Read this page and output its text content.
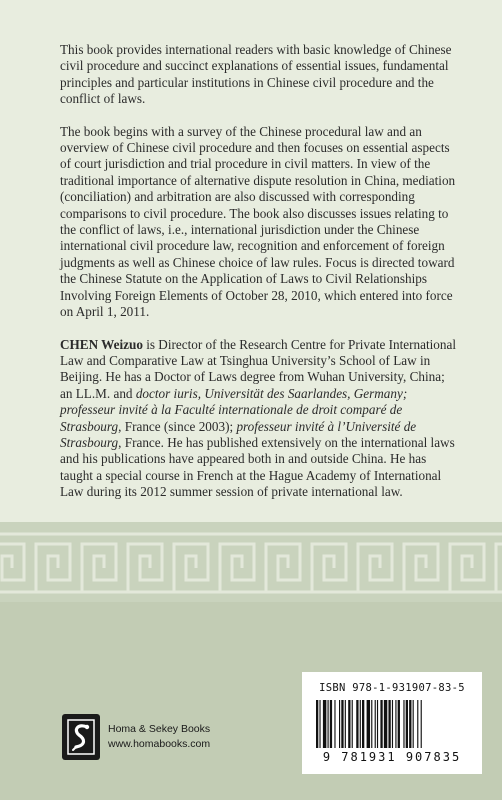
This book provides international readers with basic knowledge of Chinese civil procedure and succinct explanations of essential issues, fundamental principles and particular institutions in Chinese civil procedure and the conflict of laws.

The book begins with a survey of the Chinese procedural law and an overview of Chinese civil procedure and then focuses on essential aspects of court jurisdiction and trial procedure in civil matters. In view of the traditional importance of alternative dispute resolution in China, mediation (conciliation) and arbitration are also discussed with corresponding comparisons to civil procedure. The book also discusses issues relating to the conflict of laws, i.e., international jurisdiction under the Chinese international civil procedure law, recognition and enforcement of foreign judgments as well as Chinese choice of law rules. Focus is directed toward the Chinese Statute on the Application of Laws to Civil Relationships Involving Foreign Elements of October 28, 2010, which entered into force on April 1, 2011.

CHEN Weizuo is Director of the Research Centre for Private International Law and Comparative Law at Tsinghua University’s School of Law in Beijing. He has a Doctor of Laws degree from Wuhan University, China; an LL.M. and doctor iuris, Universität des Saarlandes, Germany; professeur invité à la Faculté internationale de droit comparé de Strasbourg, France (since 2003); professeur invité à l’Université de Strasbourg, France. He has published extensively on the international laws and his publications have appeared both in and outside China. He has taught a special course in French at the Hague Academy of International Law during its 2012 summer session of private international law.

Homa & Sekey Books
www.homabooks.com
ISBN 978-1-931907-83-5
9 781931 907835
